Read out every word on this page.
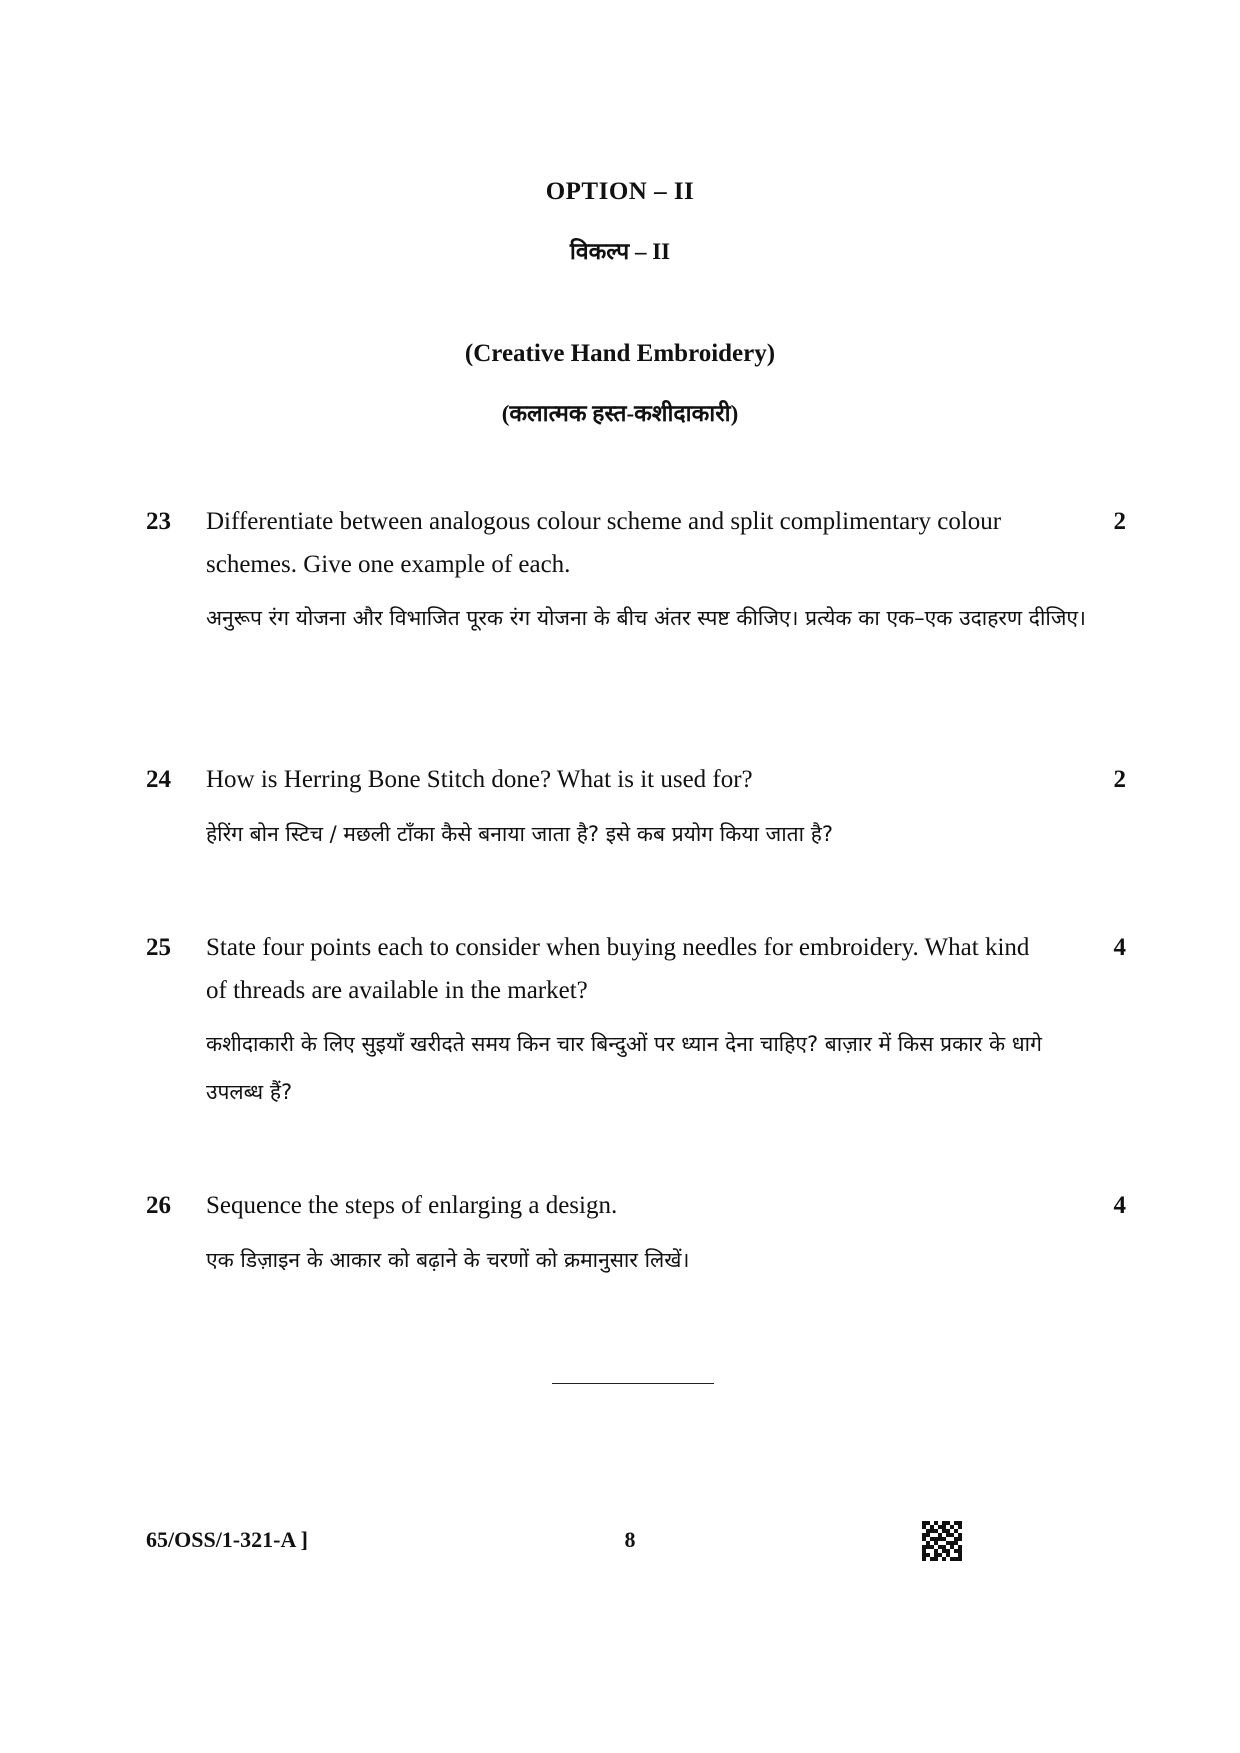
OPTION – II
विकल्प – II
(Creative Hand Embroidery)
(कलात्मक हस्त-कशीदाकारी)
23 Differentiate between analogous colour scheme and split complimentary colour schemes. Give one example of each.
अनुरूप रंग योजना और विभाजित पूरक रंग योजना के बीच अंतर स्पष्ट कीजिए। प्रत्येक का एक–एक उदाहरण दीजिए।
2
24 How is Herring Bone Stitch done? What is it used for?
हेरिंग बोन स्टिच / मछली टाँका कैसे बनाया जाता है? इसे कब प्रयोग किया जाता है?
2
25 State four points each to consider when buying needles for embroidery. What kind of threads are available in the market?
कशीदाकारी के लिए सुइयाँ खरीदते समय किन चार बिन्दुओं पर ध्यान देना चाहिए? बाज़ार में किस प्रकार के धागे उपलब्ध हैं?
4
26 Sequence the steps of enlarging a design.
एक डिज़ाइन के आकार को बढ़ाने के चरणों को क्रमानुसार लिखें।
4
65/OSS/1-321-A ]	8
